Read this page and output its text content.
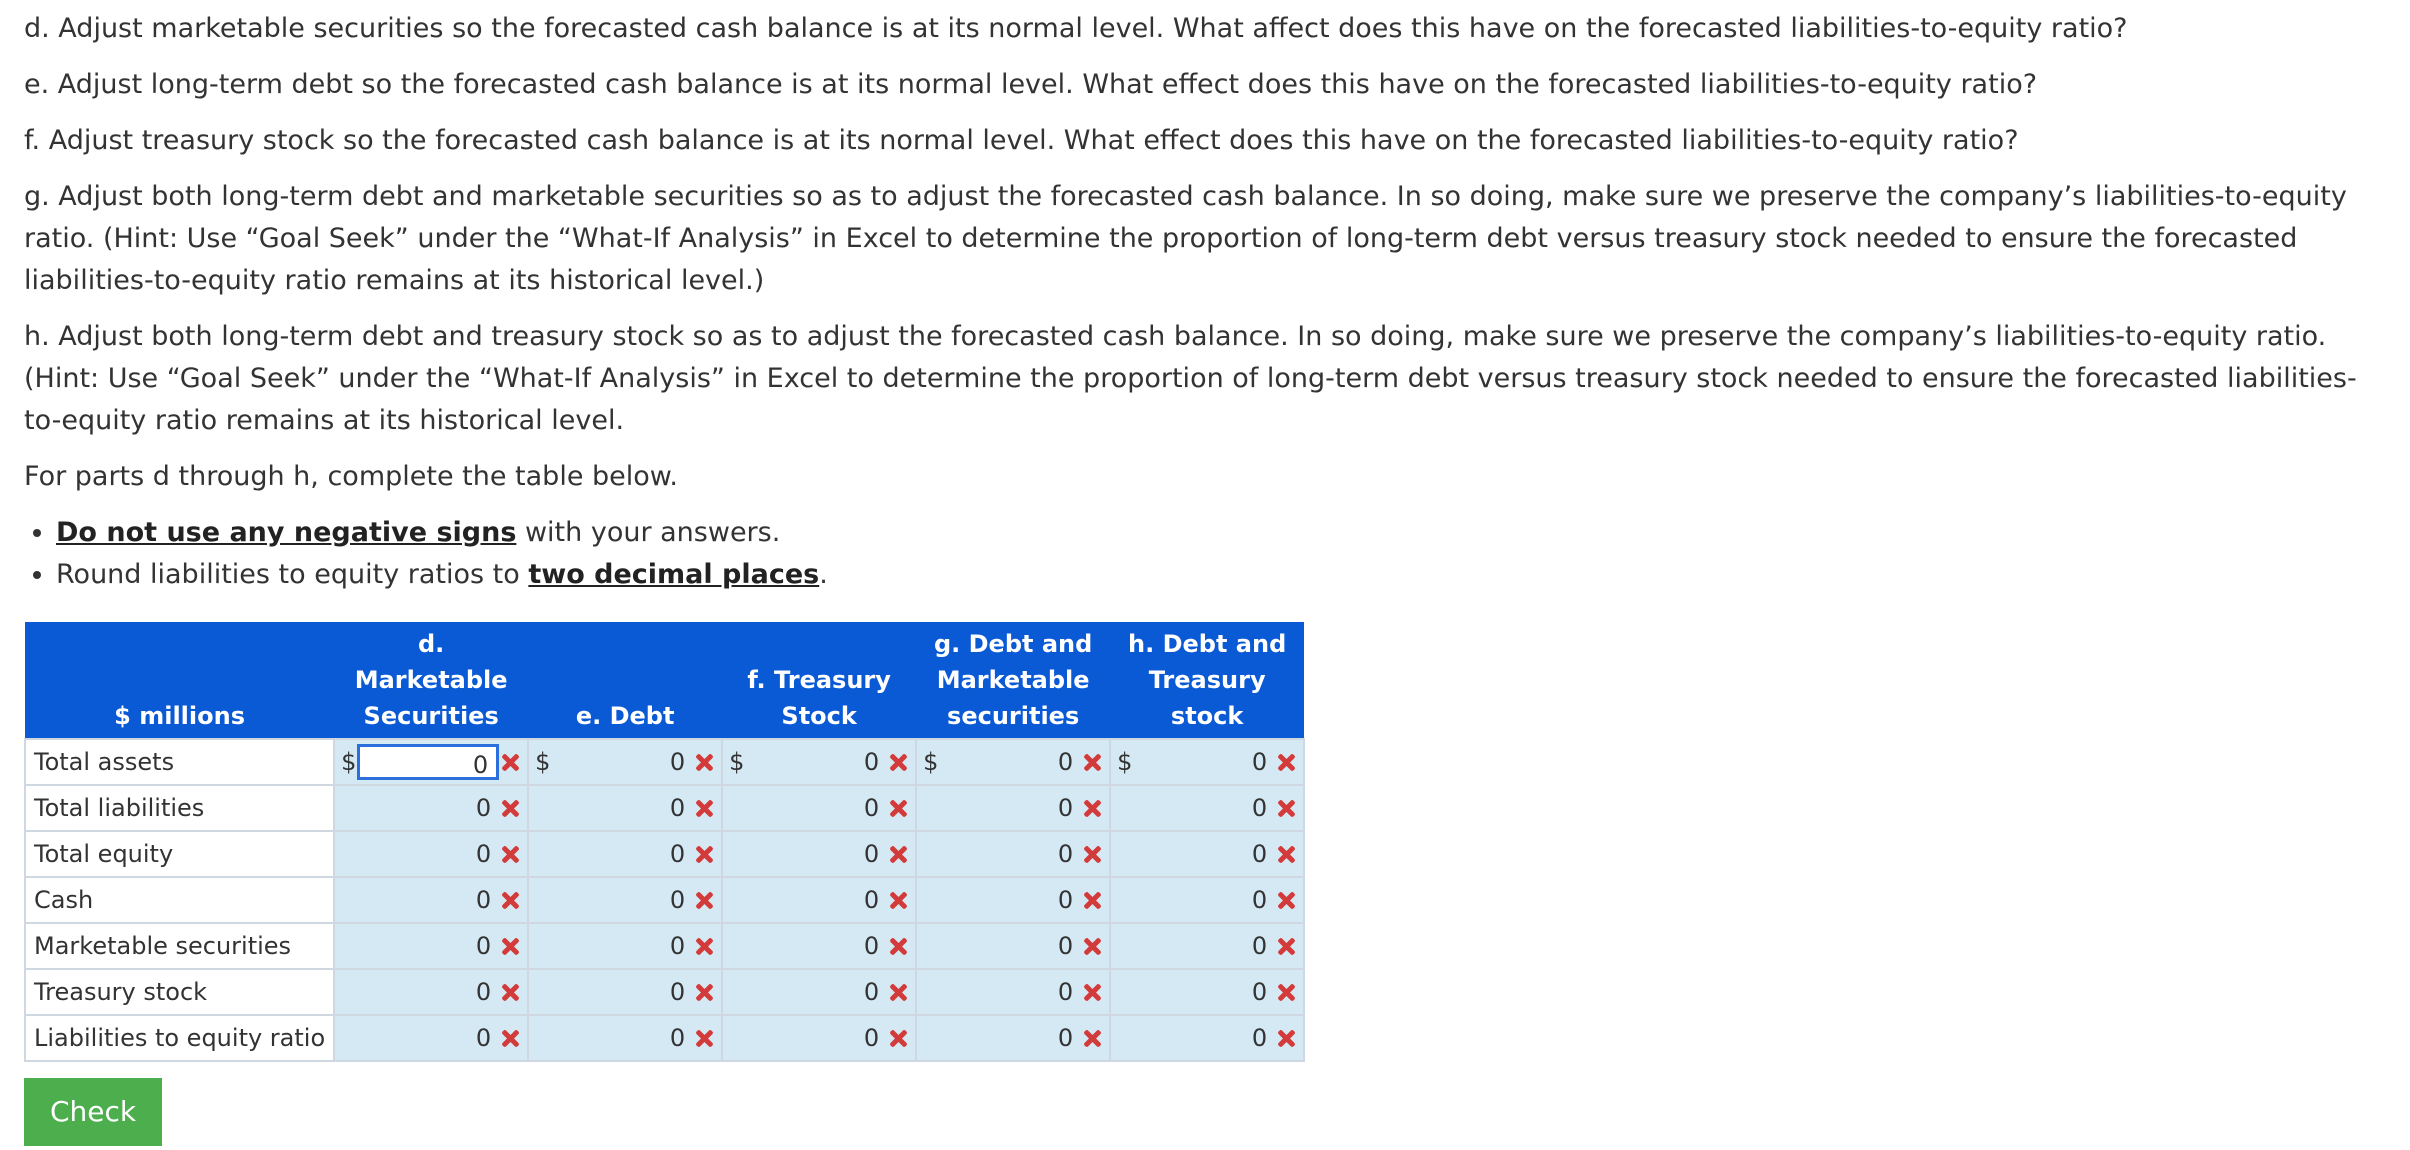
d. Adjust marketable securities so the forecasted cash balance is at its normal level. What affect does this have on the forecasted liabilities-to-equity ratio?

e. Adjust long-term debt so the forecasted cash balance is at its normal level. What effect does this have on the forecasted liabilities-to-equity ratio?

f. Adjust treasury stock so the forecasted cash balance is at its normal level. What effect does this have on the forecasted liabilities-to-equity ratio?

g. Adjust both long-term debt and marketable securities so as to adjust the forecasted cash balance. In so doing, make sure we preserve the company’s liabilities-to-equity ratio. (Hint: Use “Goal Seek” under the “What-If Analysis” in Excel to determine the proportion of long-term debt versus treasury stock needed to ensure the forecasted liabilities-to-equity ratio remains at its historical level.)

h. Adjust both long-term debt and treasury stock so as to adjust the forecasted cash balance. In so doing, make sure we preserve the company’s liabilities-to-equity ratio. (Hint: Use “Goal Seek” under the “What-If Analysis” in Excel to determine the proportion of long-term debt versus treasury stock needed to ensure the forecasted liabilities-to-equity ratio remains at its historical level.

For parts d through h, complete the table below.

• Do not use any negative signs with your answers.
• Round liabilities to equity ratios to two decimal places.
$ millions	d. Marketable Securities	e. Debt	f. Treasury Stock	g. Debt and Marketable securities	h. Debt and Treasury stock
Total assets	$ 0	$ 0	$ 0	$ 0	$ 0

Total liabilities	0	0	0	0	0

Total equity	0	0	0	0	0

Cash	0	0	0	0	0

Marketable securities	0	0	0	0	0

Treasury stock	0	0	0	0	0

Liabilities to equity ratio	0	0	0	0	0
Check
